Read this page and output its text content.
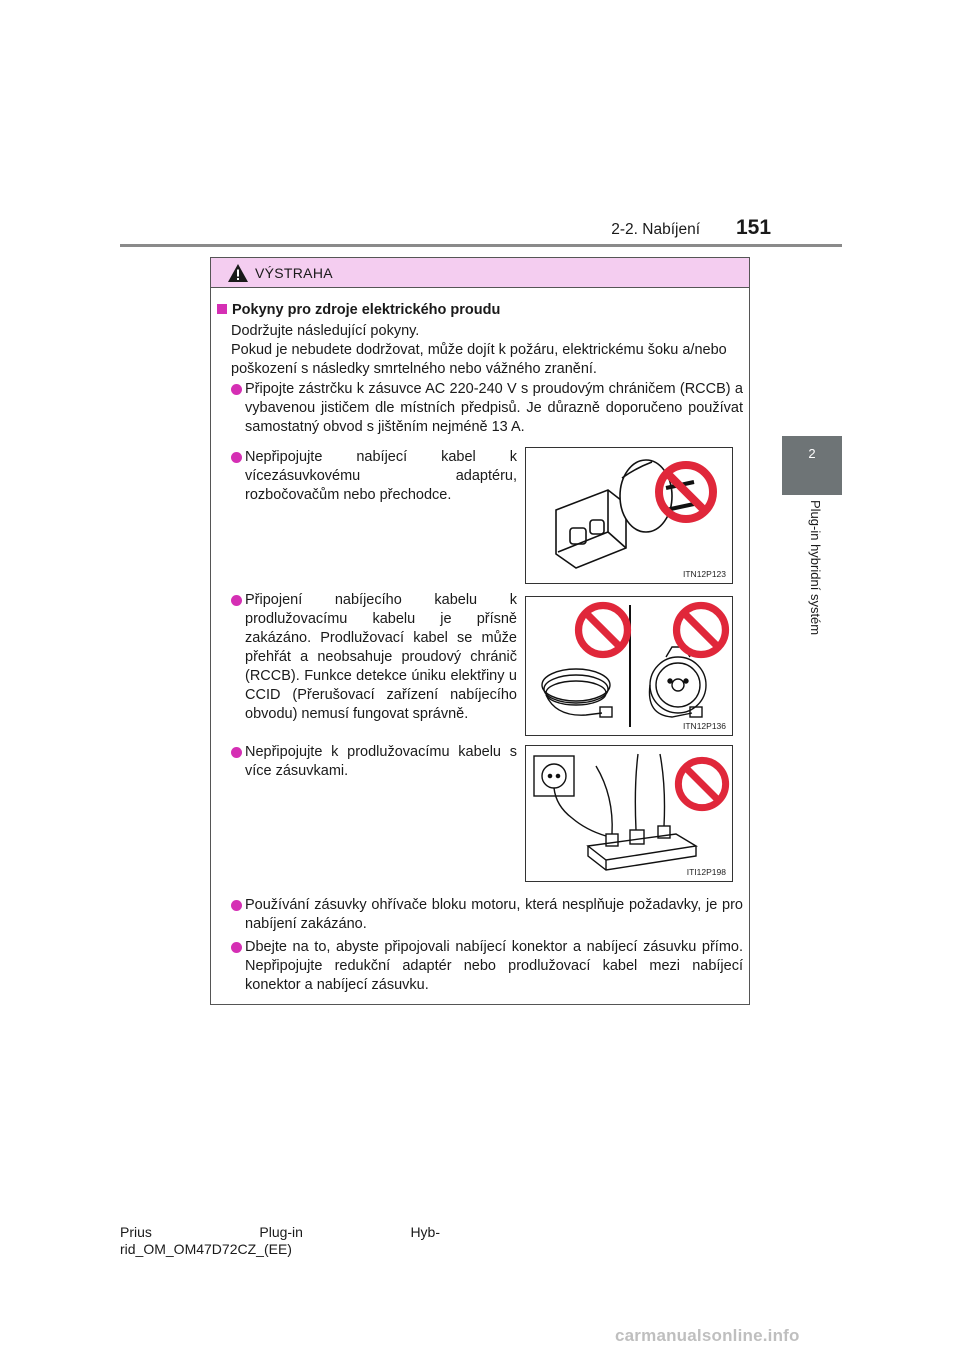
2-2. Nabíjení 151
2
Plug-in hybridní systém
VÝSTRAHA
Pokyny pro zdroje elektrického proudu
Dodržujte následující pokyny.
Pokud je nebudete dodržovat, může dojít k požáru, elektrickému šoku a/nebo
poškození s následky smrtelného nebo vážného zranění.
Připojte zástrčku k zásuvce AC 220-240 V s proudovým chráničem (RCCB) a vybavenou jističem dle místních předpisů. Je důrazně doporučeno používat samostatný obvod s jištěním nejméně 13 A.
Nepřipojujte nabíjecí kabel k vícezásuvkovému adaptéru, rozbočovačům nebo přechodce.
ITN12P123
Připojení nabíjecího kabelu k prodlužovacímu kabelu je přísně zakázáno. Prodlužovací kabel se může přehřát a neobsahuje proudový chránič (RCCB). Funkce detekce úniku elektřiny u CCID (Přerušovací zařízení nabíjecího obvodu) nemusí fungovat správně.
ITN12P136
Nepřipojujte k prodlužovacímu kabelu s více zásuvkami.
ITI12P198
Používání zásuvky ohřívače bloku motoru, která nesplňuje požadavky, je pro nabíjení zakázáno.
Dbejte na to, abyste připojovali nabíjecí konektor a nabíjecí zásuvku přímo. Nepřipojujte redukční adaptér nebo prodlužovací kabel mezi nabíjecí konektor a nabíjecí zásuvku.
Prius	Plug-in	Hyb-
rid_OM_OM47D72CZ_(EE)
carmanualsonline.info
